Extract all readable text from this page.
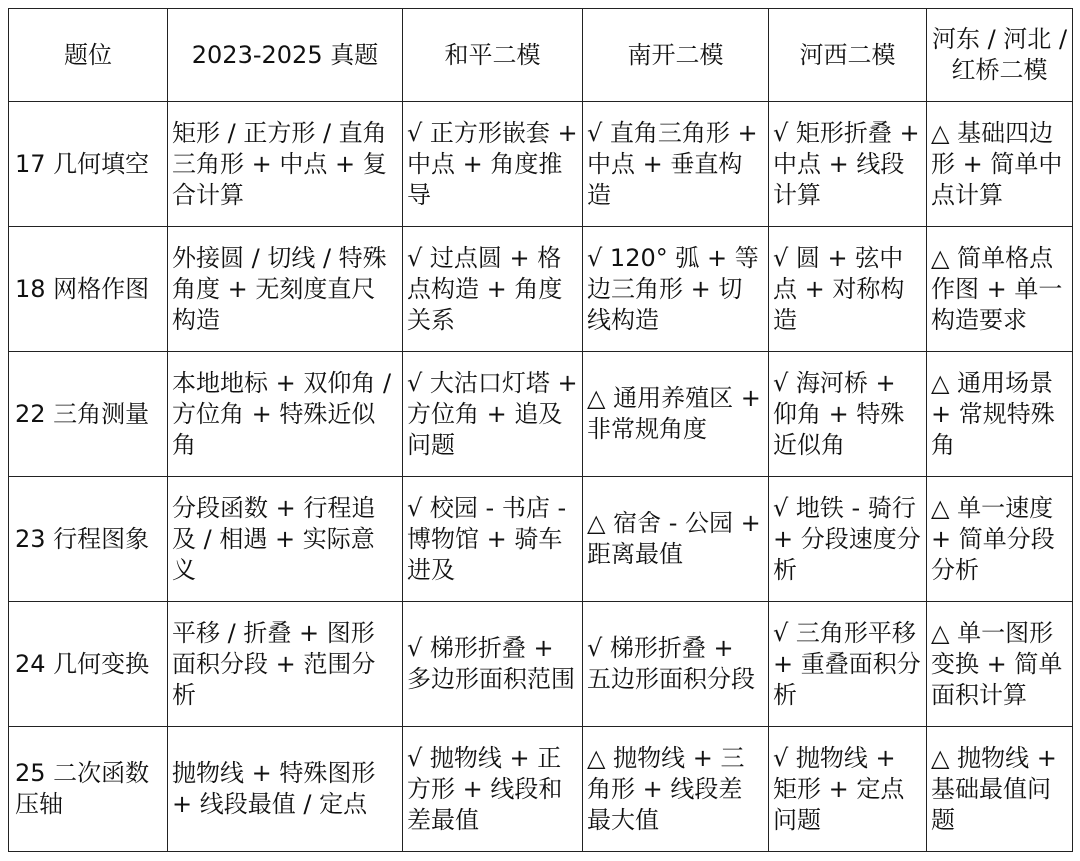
题位	2023-2025 真题	和平二模	南开二模	河西二模	河东 / 河北 / 红桥二模
17 几何填空	矩形 / 正方形 / 直角三角形 + 中点 + 复合计算	√ 正方形嵌套 + 中点 + 角度推导	√ 直角三角形 + 中点 + 垂直构造	√ 矩形折叠 + 中点 + 线段计算	△ 基础四边形 + 简单中点计算
18 网格作图	外接圆 / 切线 / 特殊角度 + 无刻度直尺构造	√ 过点圆 + 格点构造 + 角度关系	√ 120° 弧 + 等边三角形 + 切线构造	√ 圆 + 弦中点 + 对称构造	△ 简单格点作图 + 单一构造要求
22 三角测量	本地地标 + 双仰角 / 方位角 + 特殊近似角	√ 大沽口灯塔 + 方位角 + 追及问题	△ 通用养殖区 + 非常规角度	√ 海河桥 + 仰角 + 特殊近似角	△ 通用场景 + 常规特殊角
23 行程图象	分段函数 + 行程追及 / 相遇 + 实际意义	√ 校园 - 书店 - 博物馆 + 骑车进及	△ 宿舍 - 公园 + 距离最值	√ 地铁 - 骑行 + 分段速度分析	△ 单一速度 + 简单分段分析
24 几何变换	平移 / 折叠 + 图形面积分段 + 范围分析	√ 梯形折叠 + 多边形面积范围	√ 梯形折叠 + 五边形面积分段	√ 三角形平移 + 重叠面积分析	△ 单一图形变换 + 简单面积计算
25 二次函数压轴	抛物线 + 特殊图形 + 线段最值 / 定点	√ 抛物线 + 正方形 + 线段和差最值	△ 抛物线 + 三角形 + 线段差最大值	√ 抛物线 + 矩形 + 定点问题	△ 抛物线 + 基础最值问题
